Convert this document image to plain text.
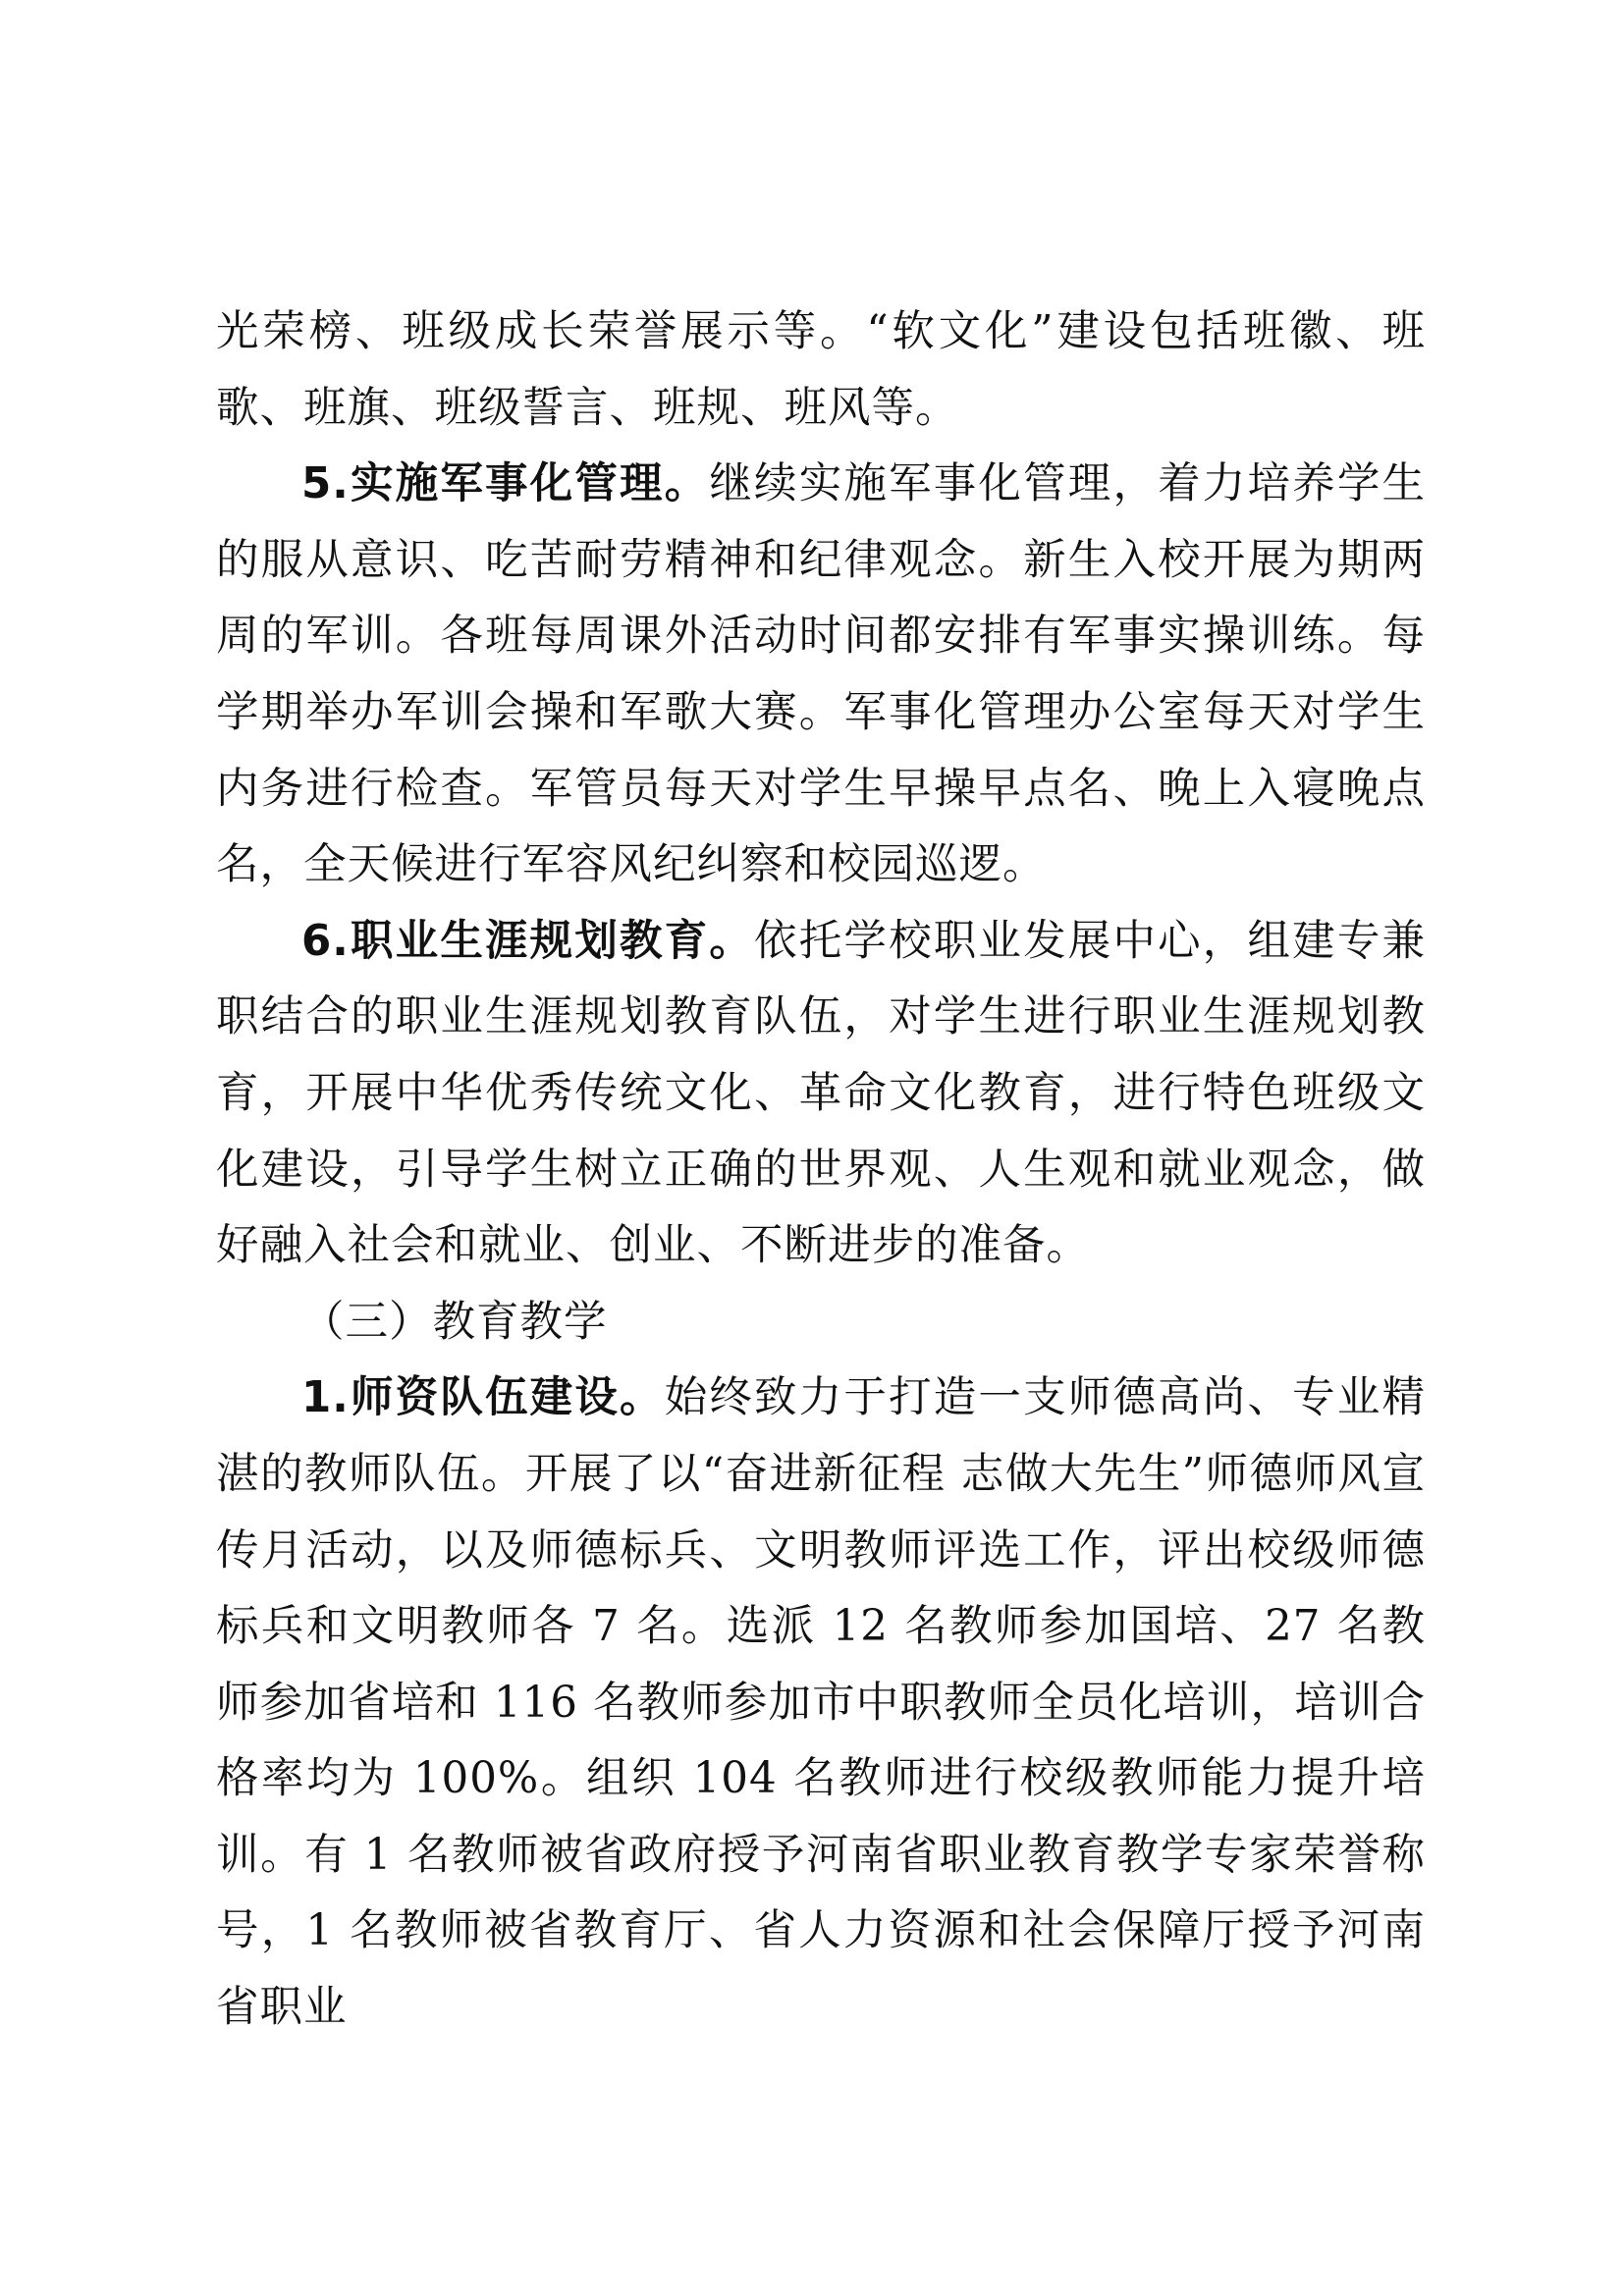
光荣榜、班级成长荣誉展示等。“软文化”建设包括班徽、班歌、班旗、班级誓言、班规、班风等。

5.实施军事化管理。继续实施军事化管理，着力培养学生的服从意识、吃苦耐劳精神和纪律观念。新生入校开展为期两周的军训。各班每周课外活动时间都安排有军事实操训练。每学期举办军训会操和军歌大赛。军事化管理办公室每天对学生内务进行检查。军管员每天对学生早操早点名、晚上入寝晚点名，全天候进行军容风纪纠察和校园巡逻。

6.职业生涯规划教育。依托学校职业发展中心，组建专兼职结合的职业生涯规划教育队伍，对学生进行职业生涯规划教育，开展中华优秀传统文化、革命文化教育，进行特色班级文化建设，引导学生树立正确的世界观、人生观和就业观念，做好融入社会和就业、创业、不断进步的准备。

（三）教育教学

1.师资队伍建设。始终致力于打造一支师德高尚、专业精湛的教师队伍。开展了以“奋进新征程 志做大先生”师德师风宣传月活动，以及师德标兵、文明教师评选工作，评出校级师德标兵和文明教师各 7 名。选派 12 名教师参加国培、27 名教师参加省培和 116 名教师参加市中职教师全员化培训，培训合格率均为 100%。组织 104 名教师进行校级教师能力提升培训。有 1 名教师被省政府授予河南省职业教育教学专家荣誉称号，1 名教师被省教育厅、省人力资源和社会保障厅授予河南省职业
